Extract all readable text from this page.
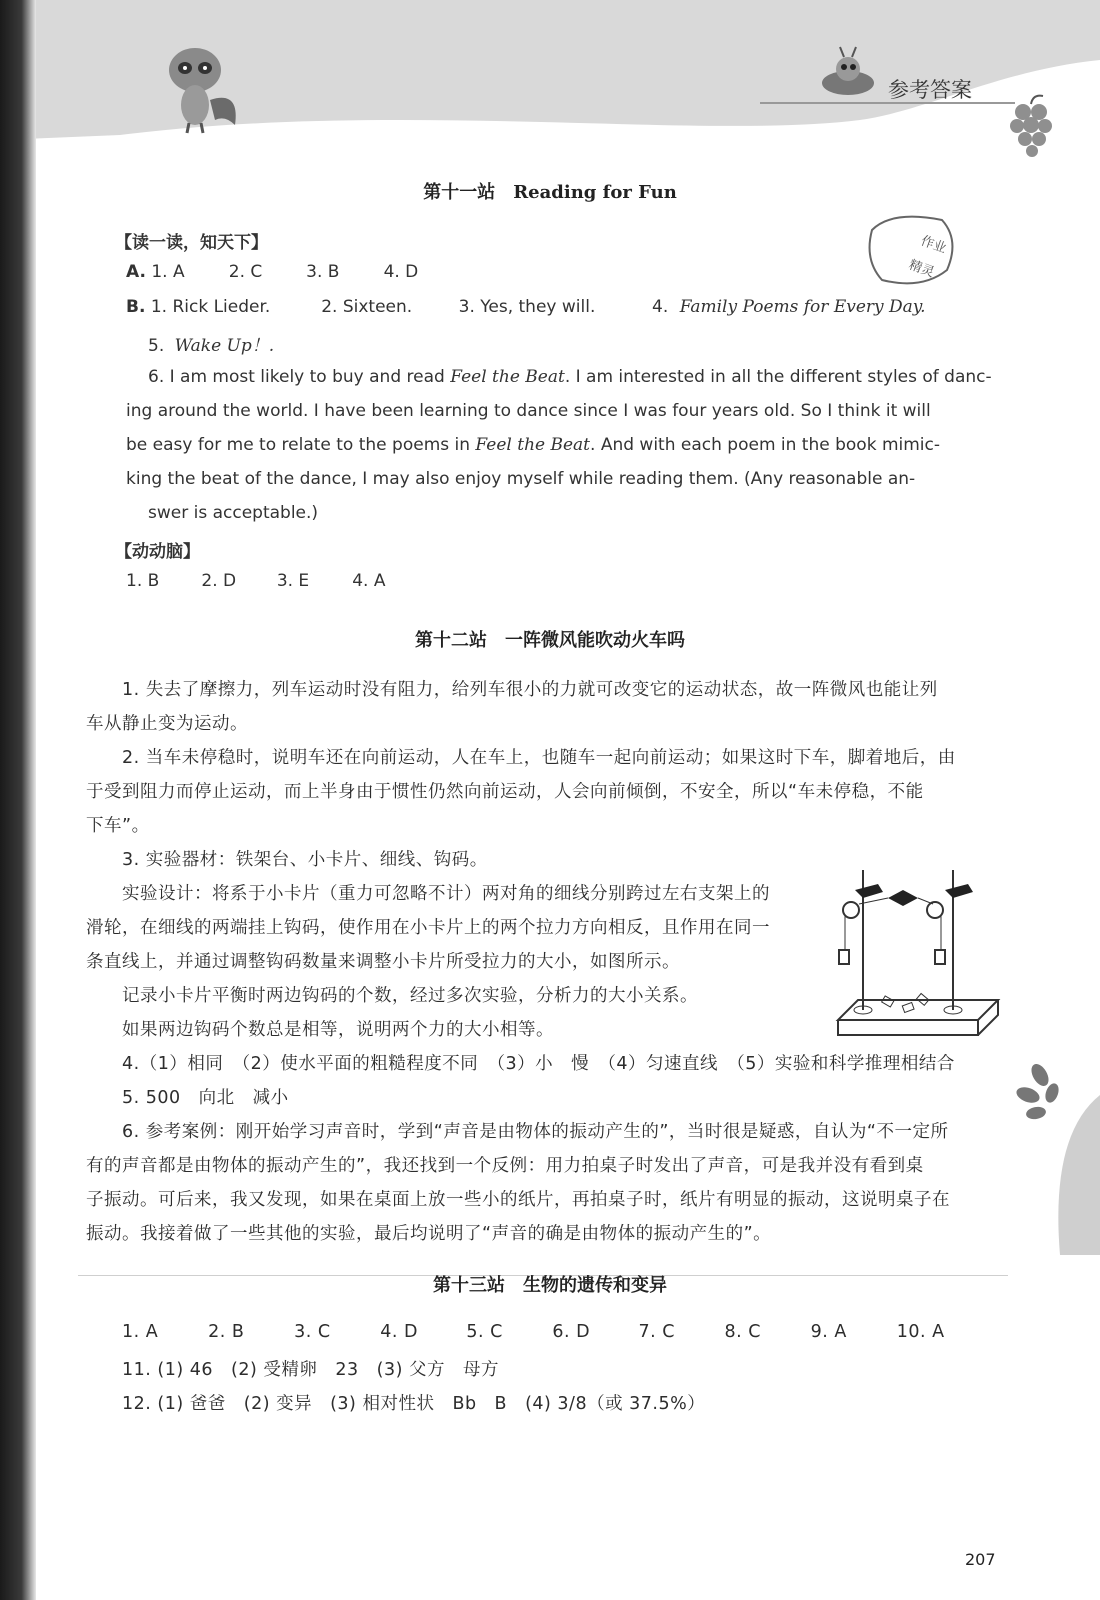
参考答案
作业
精灵
第十一站　Reading for Fun
【读一读，知天下】
A. 1. A	2. C	3. B	4. D
B. 1. Rick Lieder.	2. Sixteen.	3. Yes, they will.	4. Family Poems for Every Day.
5. Wake Up！.
6. I am most likely to buy and read Feel the Beat. I am interested in all the different styles of danc-
ing around the world. I have been learning to dance since I was four years old. So I think it will
be easy for me to relate to the poems in Feel the Beat. And with each poem in the book mimic-
king the beat of the dance, I may also enjoy myself while reading them. (Any reasonable an-
swer is acceptable.)
【动动脑】
1. B 2. D 3. E	4. A
第十二站　一阵微风能吹动火车吗
1. 失去了摩擦力，列车运动时没有阻力，给列车很小的力就可改变它的运动状态，故一阵微风也能让列
车从静止变为运动。
2. 当车未停稳时，说明车还在向前运动，人在车上，也随车一起向前运动；如果这时下车，脚着地后，由
于受到阻力而停止运动，而上半身由于惯性仍然向前运动，人会向前倾倒，不安全，所以“车未停稳，不能
下车”。
3. 实验器材：铁架台、小卡片、细线、钩码。
实验设计：将系于小卡片（重力可忽略不计）两对角的细线分别跨过左右支架上的
滑轮，在细线的两端挂上钩码，使作用在小卡片上的两个拉力方向相反，且作用在同一
条直线上，并通过调整钩码数量来调整小卡片所受拉力的大小，如图所示。
记录小卡片平衡时两边钩码的个数，经过多次实验，分析力的大小关系。
如果两边钩码个数总是相等，说明两个力的大小相等。
4.（1）相同　（2）使水平面的粗糙程度不同　（3）小　慢　（4）匀速直线　（5）实验和科学推理相结合
5. 500　向北　减小
6. 参考案例：刚开始学习声音时，学到“声音是由物体的振动产生的”，当时很是疑惑，自认为“不一定所
有的声音都是由物体的振动产生的”，我还找到一个反例：用力拍桌子时发出了声音，可是我并没有看到桌
子振动。可后来，我又发现，如果在桌面上放一些小的纸片，再拍桌子时，纸片有明显的振动，这说明桌子在
振动。我接着做了一些其他的实验，最后均说明了“声音的确是由物体的振动产生的”。
第十三站　生物的遗传和变异
1. A	2. B	3. C	4. D	5. C	6. D	7. C	8. C	9. A	10. A
11. (1) 46　(2) 受精卵　23　(3) 父方　母方
12. (1) 爸爸　(2) 变异　(3) 相对性状　Bb　B　(4) 3/8（或 37.5%）
207
